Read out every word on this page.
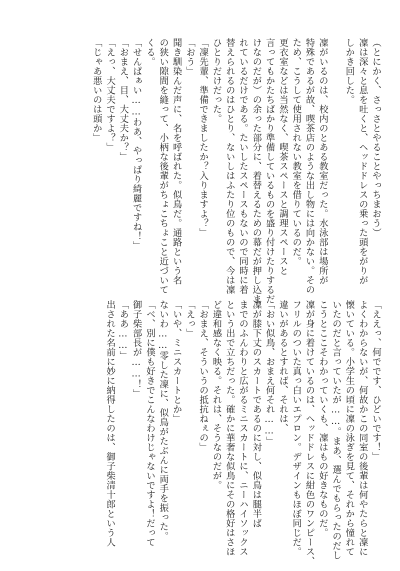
（とにかく、さっさとやることやっちまおう）
凜は深々と息を吐くと、ヘッドドレスの乗った頭をがりが
しかき回した。

凜がいるのは、校内のとある教室だった。水泳部は場所が
特殊であるが故、喫茶店のような出し物には向かない。その
ため、こうして使用されない教室を借りているのだ。
更衣室などは当然なく、喫茶スペースと調理スペースと
言ってもかたちばかり準備しているものを盛り付けたりするだ
けなのだが）の余った部分に、着替えるための幕だが押し込ま
れているだけである。たいしたスペースもないので同時に着
替えられるのはひとり、ないしはふたり位のもので、今は凜
ひとりだけだった。
「凜先輩、準備できましたか？入りますよ？」
「おう」
聞き馴染んだ声に、名を呼ばれた。似鳥だ。通路という名
の狭い隙間を縫って、小柄な後輩がちょこちょこと近づいて
くる。
「せんぱぁい……わあ、やっぱり綺麗ですね！」
「おまえ、目、大丈夫か？」
「えっ、大丈夫ですよ？」
「じゃあ悪いのは頭か」
「ええっ、何でです、ひどいです！」
よくわからないが、何故かこの同室の後輩は何やたらと凜に
懐いている。小学生の頃に凜の泳ぎを見て、それから憧れて
いたのだと言っていたが……。まあ、選んでもらったのだし
こうとここそわかっていくも、凜はもの好きなものだ。
凜が身に着けているのは、ヘッドドレスに紺色のワンピース、
フリルのついた真っ白いエプロン。デザインもほぼ同じだ。
違いがあるとすれば、それは、
「おい似鳥、おまえ何それ……」
凜が膝下丈のスカートであるのに対し、似鳥は腿半ば
までのふんわりと広がるミニスカートに、ニーハイソックス
という出で立ちだった。確かに華奢な似鳥にその格好はさほ
ど違和感なく映る。それは、そうなのだが。
「おまえ、そういうの抵抗ねぇの」
「えっ」
「いや、ミニスカートとか」
ないわ……零した凜に、似鳥がたぶんに両手を振った。
「べ、別に僕も好きでこんなわけじゃないですよ！だって
御子柴部長が……！」
「ああ……」
出された名前に妙に納得したのは、御子柴清十郎という人
